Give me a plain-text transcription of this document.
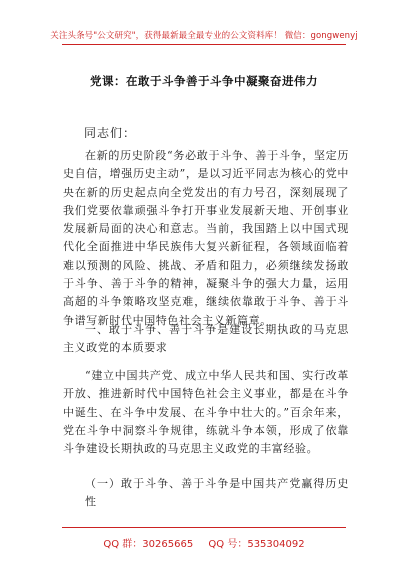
关注头条号"公文研究"，获得最新最全最专业的公文资料库！ 微信：gongwenyj
党课：在敢于斗争善于斗争中凝聚奋进伟力
同志们：
在新的历史阶段“务必敢于斗争、善于斗争，坚定历史自信，增强历史主动”，是以习近平同志为核心的党中央在新的历史起点向全党发出的有力号召，深刻展现了我们党要依靠顽强斗争打开事业发展新天地、开创事业发展新局面的决心和意志。当前，我国踏上以中国式现代化全面推进中华民族伟大复兴新征程，各领域面临着难以预测的风险、挑战、矛盾和阻力，必须继续发扬敢于斗争、善于斗争的精神，凝聚斗争的强大力量，运用高超的斗争策略攻坚克难，继续依靠敢于斗争、善于斗争谱写新时代中国特色社会主义新篇章。
一、敢于斗争、善于斗争是建设长期执政的马克思主义政党的本质要求
“建立中国共产党、成立中华人民共和国、实行改革开放、推进新时代中国特色社会主义事业，都是在斗争中诞生、在斗争中发展、在斗争中壮大的。”百余年来，党在斗争中洞察斗争规律，练就斗争本领，形成了依靠斗争建设长期执政的马克思主义政党的丰富经验。
（一）敢于斗争、善于斗争是中国共产党赢得历史性
QQ 群：30265665 QQ 号：535304092
